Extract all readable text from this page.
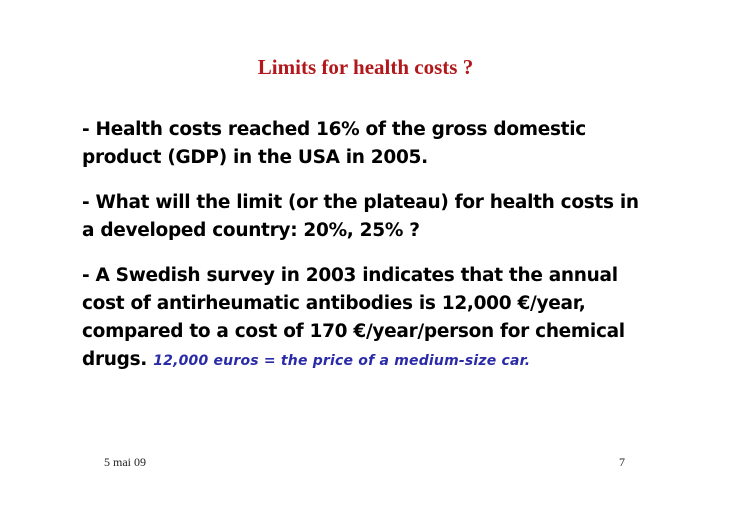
Limits for health costs ?
- Health costs reached 16% of the gross domestic
product (GDP) in the USA in 2005.
- What will the limit (or the plateau) for health costs in
a developed country: 20%, 25% ?
- A Swedish survey in 2003 indicates that the annual
cost of antirheumatic antibodies is 12,000 €/year,
compared to a cost of 170 €/year/person for chemical
drugs. 12,000 euros = the price of a medium-size car.

5 mai 09	7
